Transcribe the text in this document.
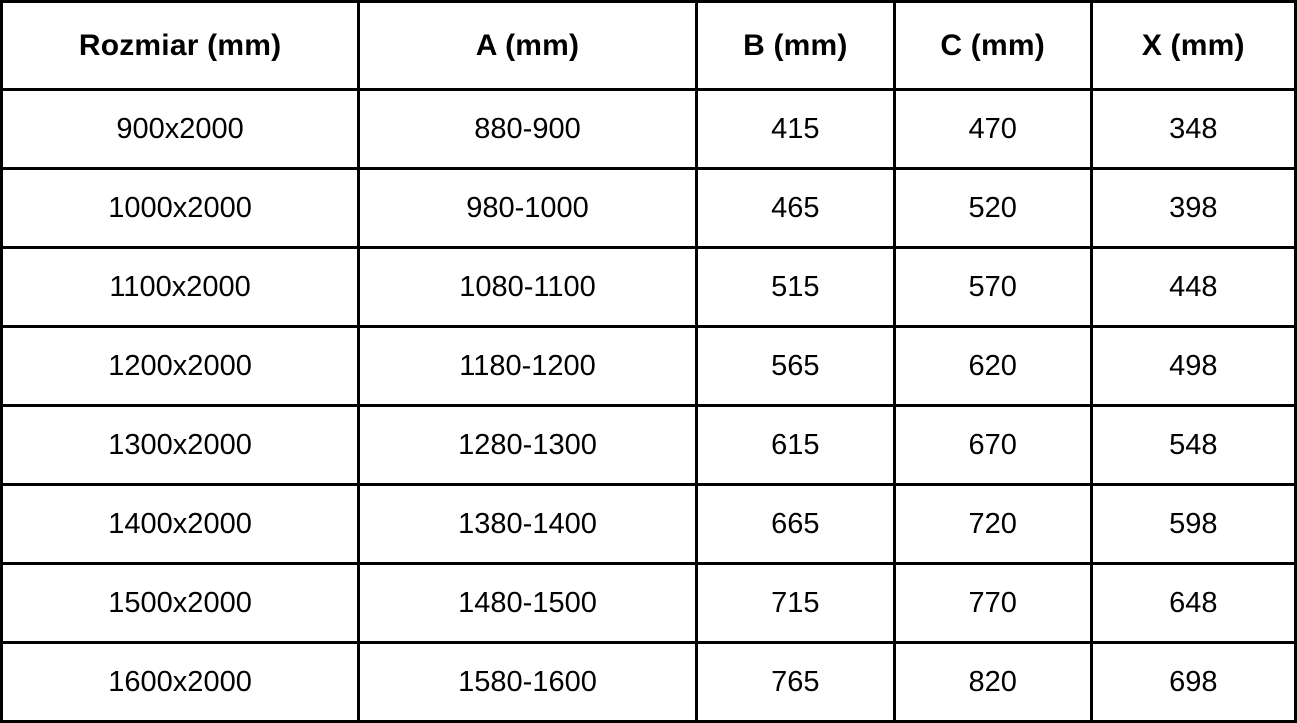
Rozmiar (mm)	A (mm)	B (mm)	C (mm)	X (mm)
900x2000	880-900	415	470	348
1000x2000	980-1000	465	520	398
1100x2000	1080-1100	515	570	448
1200x2000	1180-1200	565	620	498
1300x2000	1280-1300	615	670	548
1400x2000	1380-1400	665	720	598
1500x2000	1480-1500	715	770	648
1600x2000	1580-1600	765	820	698
